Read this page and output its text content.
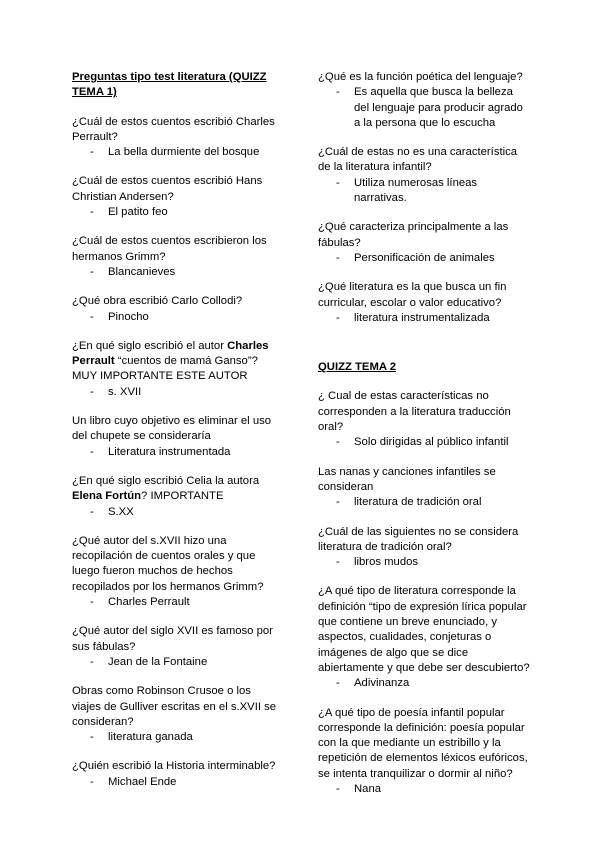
Preguntas tipo test literatura (QUIZZ TEMA 1)
¿Cuál de estos cuentos escribió Charles Perrault?
- La bella durmiente del bosque
¿Cuál de estos cuentos escribió Hans Christian Andersen?
- El patito feo
¿Cuál de estos cuentos escribieron los hermanos Grimm?
- Blancanieves
¿Qué obra escribió Carlo Collodi?
- Pinocho
¿En qué siglo escribió el autor Charles Perrault “cuentos de mamá Ganso”? MUY IMPORTANTE ESTE AUTOR
- s. XVII
Un libro cuyo objetivo es eliminar el uso del chupete se consideraría
- Literatura instrumentada
¿En qué siglo escribió Celia la autora Elena Fortún? IMPORTANTE
- S.XX
¿Qué autor del s.XVII hizo una recopilación de cuentos orales y que luego fueron muchos de hechos recopilados por los hermanos Grimm?
- Charles Perrault
¿Qué autor del siglo XVII es famoso por sus fábulas?
- Jean de la Fontaine
Obras como Robinson Crusoe o los viajes de Gulliver escritas en el s.XVII se consideran?
- literatura ganada
¿Quién escribió la Historia interminable?
- Michael Ende
¿Qué es la función poética del lenguaje?
- Es aquella que busca la belleza del lenguaje para producir agrado a la persona que lo escucha
¿Cuál de estas no es una característica de la literatura infantil?
- Utiliza numerosas líneas narrativas.
¿Qué caracteriza principalmente a las fábulas?
- Personificación de animales
¿Qué literatura es la que busca un fin curricular, escolar o valor educativo?
- literatura instrumentalizada
QUIZZ TEMA 2
¿ Cual de estas características no corresponden a la literatura traducción oral?
- Solo dirigidas al público infantil
Las nanas y canciones infantiles se consideran
- literatura de tradición oral
¿Cuál de las siguientes no se considera literatura de tradición oral?
- libros mudos
¿A qué tipo de literatura corresponde la definición “tipo de expresión lírica popular que contiene un breve enunciado, y aspectos, cualidades, conjeturas o imágenes de algo que se dice abiertamente y que debe ser descubierto?
- Adivinanza
¿A qué tipo de poesía infantil popular corresponde la definición: poesía popular con la que mediante un estribillo y la repetición de elementos léxicos eufóricos, se intenta tranquilizar o dormir al niño?
- Nana
